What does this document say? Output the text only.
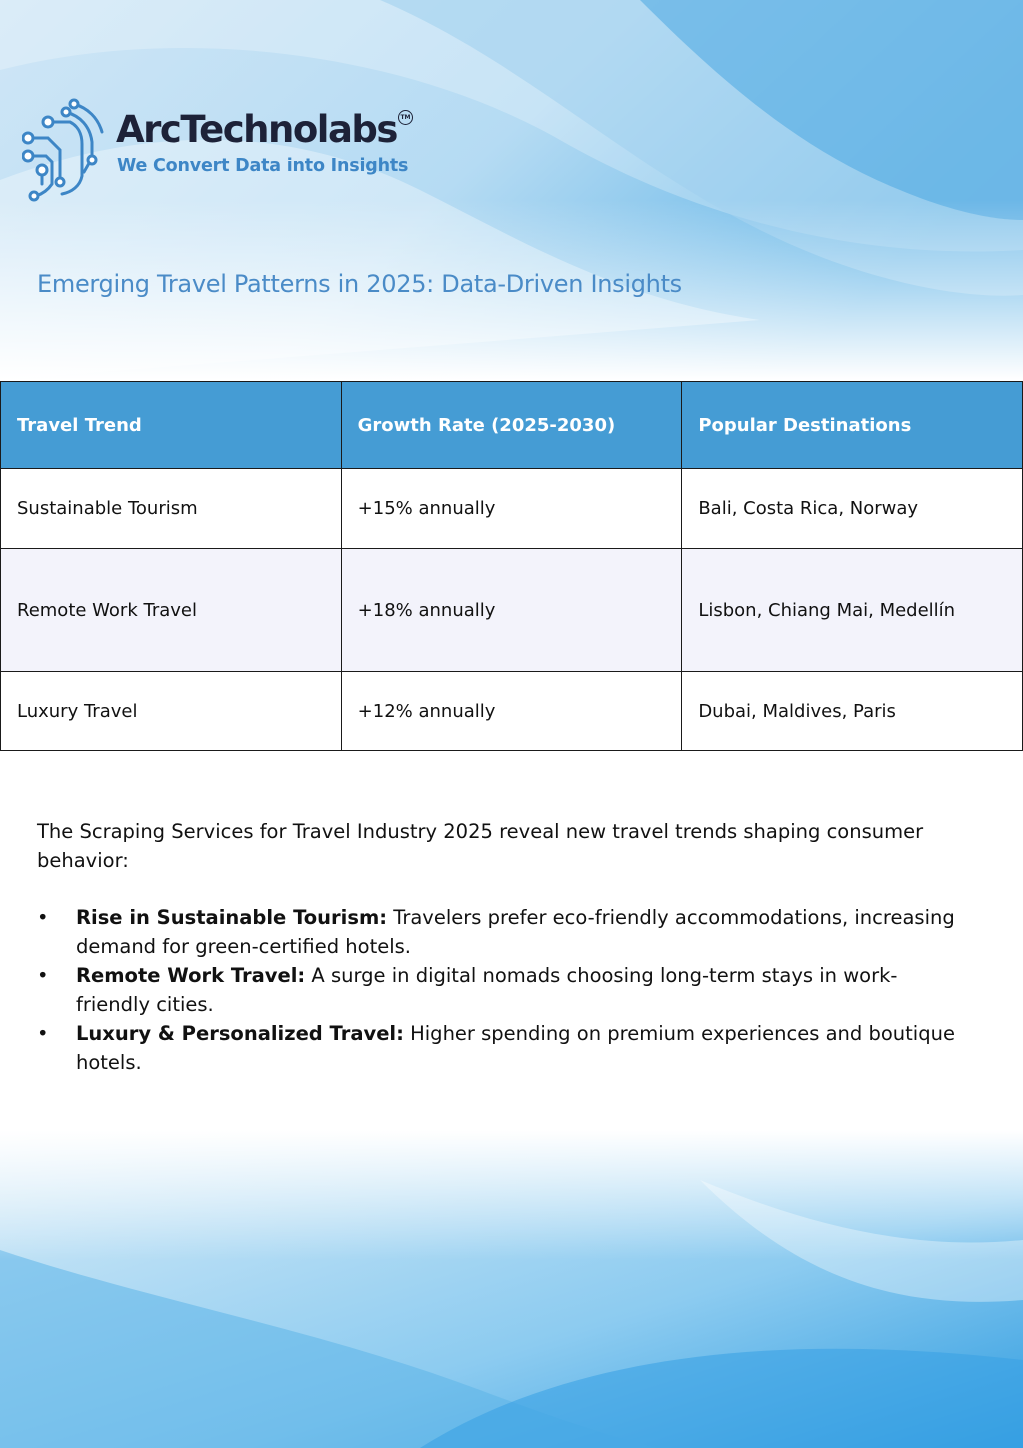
ArcTechnolabs TM
We Convert Data into Insights
Emerging Travel Patterns in 2025: Data-Driven Insights
Travel Trend	Growth Rate (2025-2030)	Popular Destinations
Sustainable Tourism	+15% annually	Bali, Costa Rica, Norway
Remote Work Travel	+18% annually	Lisbon, Chiang Mai, Medellín
Luxury Travel	+12% annually	Dubai, Maldives, Paris

The Scraping Services for Travel Industry 2025 reveal new travel trends shaping consumer behavior:

• Rise in Sustainable Tourism: Travelers prefer eco-friendly accommodations, increasing demand for green-certified hotels.
• Remote Work Travel: A surge in digital nomads choosing long-term stays in work-friendly cities.
• Luxury & Personalized Travel: Higher spending on premium experiences and boutique hotels.
